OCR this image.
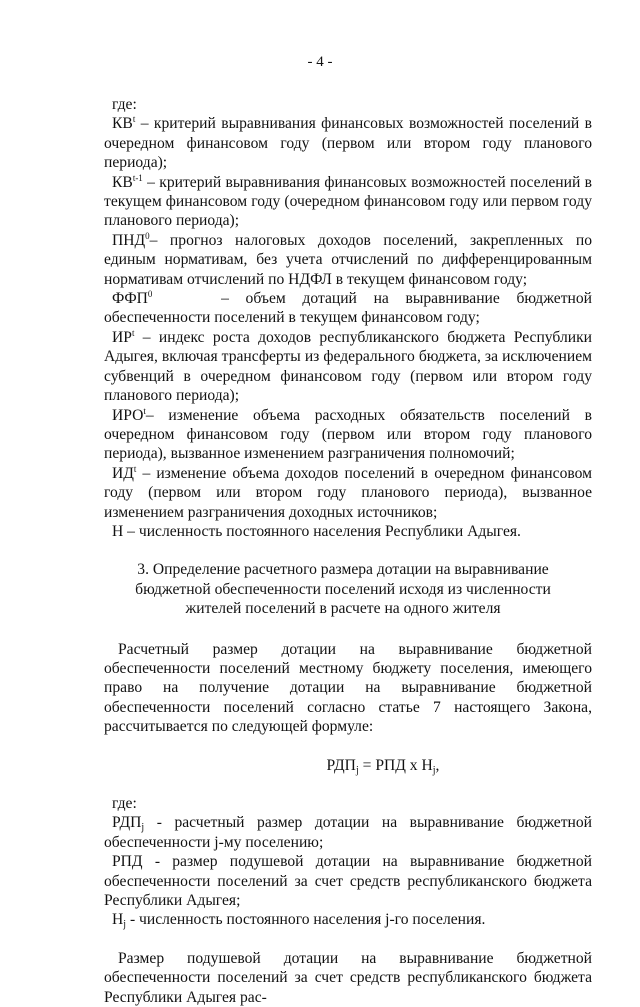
- 4 -

где:

$КВ^t$ – критерий выравнивания финансовых возможностей поселений в очередном финансовом году (первом или втором году планового периода);

КВ$^{t-1}$ – критерий выравнивания финансовых возможностей поселений в текущем финансовом году (очередном финансовом году или первом году планового периода);

ПНД$^0$– прогноз налоговых доходов поселений, закрепленных по единым нормативам, без учета отчислений по дифференцированным нормативам отчислений по НДФЛ в текущем финансовом году;

ФФП$^0$	– объем дотаций на выравнивание бюджетной обеспеченности поселений в текущем финансовом году;

$ИР^t$ – индекс роста доходов республиканского бюджета Республики Адыгея, включая трансферты из федерального бюджета, за исключением субвенций в очередном финансовом году (первом или втором году планового периода);

ИРО$^t$– изменение объема расходных обязательств поселений в очередном финансовом году (первом или втором году планового периода), вызванное изменением разграничения полномочий;

$ИД^t$ – изменение объема доходов поселений в очередном финансовом году (первом или втором году планового периода), вызванное изменением разграничения доходных источников;

Н – численность постоянного населения Республики Адыгея.

3. Определение расчетного размера дотации на выравнивание бюджетной обеспеченности поселений исходя из численности жителей поселений в расчете на одного жителя

Расчетный размер дотации на выравнивание бюджетной обеспеченности поселений местному бюджету поселения, имеющего право на получение дотации на выравнивание бюджетной обеспеченности поселений согласно статье 7 настоящего Закона, рассчитывается по следующей формуле:

$РДП_j$ = РПД х $Н_j$,

где:

$РДП_j$ - расчетный размер дотации на выравнивание бюджетной обеспеченности j-му поселению;

РПД - размер подушевой дотации на выравнивание бюджетной обеспеченности поселений за счет средств республиканского бюджета Республики Адыгея;

$Н_j$ - численность постоянного населения j-го поселения.

Размер подушевой дотации на выравнивание бюджетной обеспеченности поселений за счет средств республиканского бюджета Республики Адыгея рас-
